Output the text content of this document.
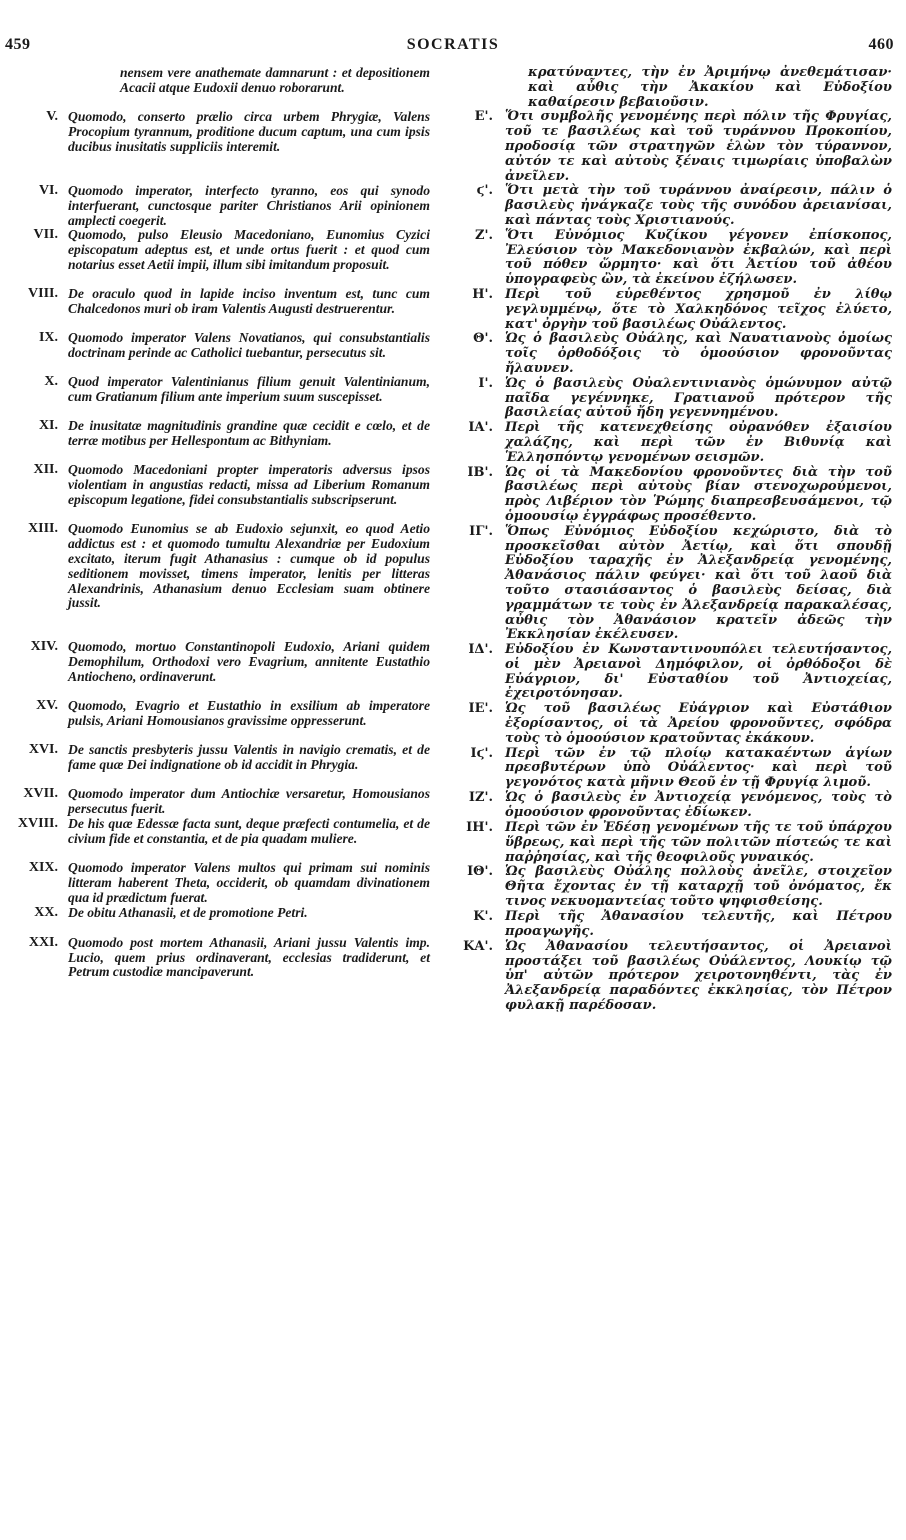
SOCRATIS
459	460
nensem vere anathemate damnarunt : et depositionem Acacii atque Eudoxii denuo roborarunt.
V. Quomodo, conserto prælio circa urbem Phrygiæ, Valens Procopium tyrannum, proditione ducum captum, una cum ipsis ducibus inusitatis suppliciis interemit.
VI. Quomodo imperator, interfecto tyranno, eos qui synodo interfuerant, cunctosque pariter Christianos Arii opinionem amplecti coegerit.
VII. Quomodo, pulso Eleusio Macedoniano, Eunomius Cyzici episcopatum adeptus est, et unde ortus fuerit : et quod cum notarius esset Aetii impii, illum sibi imitandum proposuit.
VIII. De oraculo quod in lapide inciso inventum est, tunc cum Chalcedonos muri ob iram Valentis Augusti destruerentur.
IX. Quomodo imperator Valens Novatianos, qui consubstantialis doctrinam perinde ac Catholici tuebantur, persecutus sit.
X. Quod imperator Valentinianus filium genuit Valentinianum, cum Gratianum filium ante imperium suum suscepisset.
XI. De inusitatæ magnitudinis grandine quæ cecidit e cœlo, et de terræ motibus per Hellespontum ac Bithyniam.
XII. Quomodo Macedoniani propter imperatoris adversus ipsos violentiam in angustias redacti, missa ad Liberium Romanum episcopum legatione, fidei consubstantialis subscripserunt.
XIII. Quomodo Eunomius se ab Eudoxio sejunxit, eo quod Aetio addictus est : et quomodo tumultu Alexandriæ per Eudoxium excitato, iterum fugit Athanasius : cumque ob id populus seditionem movisset, timens imperator, lenitis per litteras Alexandrinis, Athanasium denuo Ecclesiam suam obtinere jussit.
XIV. Quomodo, mortuo Constantinopoli Eudoxio, Ariani quidem Demophilum, Orthodoxi vero Evagrium, annitente Eustathio Antiocheno, ordinaverunt.
XV. Quomodo, Evagrio et Eustathio in exsilium ab imperatore pulsis, Ariani Homousianos gravissime oppresserunt.
XVI. De sanctis presbyteris jussu Valentis in navigio crematis, et de fame quæ Dei indignatione ob id accidit in Phrygia.
XVII. Quomodo imperator dum Antiochiæ versaretur, Homousianos persecutus fuerit.
XVIII. De his quæ Edessæ facta sunt, deque præfecti contumelia, et de civium fide et constantia, et de pia quadam muliere.
XIX. Quomodo imperator Valens multos qui primam sui nominis litteram haberent Theta, occiderit, ob quamdam divinationem qua id prædictum fuerat.
XX. De obitu Athanasii, et de promotione Petri.
XXI. Quomodo post mortem Athanasii, Ariani jussu Valentis imp. Lucio, quem prius ordinaverant, ecclesias tradiderunt, et Petrum custodiæ mancipaverunt.
κρατύναντες, τὴν ἐν Ἀριμήνῳ ἀνεθεμάτισαν· καὶ αὖθις τὴν Ἀκακίου καὶ Εὐδοξίου καθαίρεσιν βεβαιοῦσιν.
Ε'. Ὅτι συμβολῆς γενομένης περὶ πόλιν τῆς Φρυγίας, τοῦ τε βασιλέως καὶ τοῦ τυράννου Προκοπίου, προδοσίᾳ τῶν στρατηγῶν ἑλὼν τὸν τύραννον, αὐτόν τε καὶ αὐτοὺς ξέναις τιμωρίαις ὑποβαλὼν ἀνεῖλεν.
ϛ'. Ὅτι μετὰ τὴν τοῦ τυράννου ἀναίρεσιν, πάλιν ὁ βασιλεὺς ἠνάγκαζε τοὺς τῆς συνόδου ἀρειανίσαι, καὶ πάντας τοὺς Χριστιανούς.
Ζ'. Ὅτι Εὐνόμιος Κυζίκου γέγονεν ἐπίσκοπος, Ἐλεύσιον τὸν Μακεδονιανὸν ἐκβαλών, καὶ περὶ τοῦ πόθεν ὥρμητο· καὶ ὅτι Ἀετίου τοῦ ἀθέου ὑπογραφεὺς ὢν, τὰ ἐκείνου ἐζήλωσεν.
Η'. Περὶ τοῦ εὑρεθέντος χρησμοῦ ἐν λίθῳ γεγλυμμένῳ, ὅτε τὸ Χαλκηδόνος τεῖχος ἐλύετο, κατ' ὀργὴν τοῦ βασιλέως Οὐάλεντος.
Θ'. Ὡς ὁ βασιλεὺς Οὐάλης, καὶ Ναυατιανοὺς ὁμοίως τοῖς ὀρθοδόξοις τὸ ὁμοούσιον φρονοῦντας ἤλαυνεν.
Ι'. Ὡς ὁ βασιλεὺς Οὐαλεντινιανὸς ὁμώνυμον αὐτῷ παῖδα γεγέννηκε, Γρατιανοῦ πρότερον τῆς βασιλείας αὐτοῦ ἤδη γεγεννημένου.
ΙΑ'. Περὶ τῆς κατενεχθείσης οὐρανόθεν ἐξαισίου χαλάζης, καὶ περὶ τῶν ἐν Βιθυνίᾳ καὶ Ἑλλησπόντῳ γενομένων σεισμῶν.
ΙΒ'. Ὡς οἱ τὰ Μακεδονίου φρονοῦντες διὰ τὴν τοῦ βασιλέως περὶ αὐτοὺς βίαν στενοχωρούμενοι, πρὸς Λιβέριον τὸν Ῥώμης διαπρεσβευσάμενοι, τῷ ὁμοουσίῳ ἐγγράφως προσέθεντο.
ΙΓ'. Ὅπως Εὐνόμιος Εὐδοξίου κεχώριστο, διὰ τὸ προσκεῖσθαι αὐτὸν Ἀετίῳ, καὶ ὅτι σπουδῇ Εὐδοξίου ταραχῆς ἐν Ἀλεξανδρείᾳ γενομένης, Ἀθανάσιος πάλιν φεύγει· καὶ ὅτι τοῦ λαοῦ διὰ τοῦτο στασιάσαντος ὁ βασιλεὺς δείσας, διὰ γραμμάτων τε τοὺς ἐν Ἀλεξανδρείᾳ παρακαλέσας, αὖθις τὸν Ἀθανάσιον κρατεῖν ἀδεῶς τὴν Ἐκκλησίαν ἐκέλευσεν.
ΙΔ'. Εὐδοξίου ἐν Κωνσταντινουπόλει τελευτήσαντος, οἱ μὲν Ἀρειανοὶ Δημόφιλον, οἱ ὀρθόδοξοι δὲ Εὐάγριον, δι' Εὐσταθίου τοῦ Ἀντιοχείας, ἐχειροτόνησαν.
ΙΕ'. Ὡς τοῦ βασιλέως Εὐάγριον καὶ Εὐστάθιον ἐξορίσαντος, οἱ τὰ Ἀρείου φρονοῦντες, σφόδρα τοὺς τὸ ὁμοούσιον κρατοῦντας ἐκάκουν.
Ιϛ'. Περὶ τῶν ἐν τῷ πλοίῳ κατακαέντων ἁγίων πρεσβυτέρων ὑπὸ Οὐάλεντος· καὶ περὶ τοῦ γεγονότος κατὰ μῆνιν Θεοῦ ἐν τῇ Φρυγίᾳ λιμοῦ.
ΙΖ'. Ὡς ὁ βασιλεὺς ἐν Ἀντιοχείᾳ γενόμενος, τοὺς τὸ ὁμοούσιον φρονοῦντας ἐδίωκεν.
ΙΗ'. Περὶ τῶν ἐν Ἐδέσῃ γενομένων τῆς τε τοῦ ὑπάρχου ὕβρεως, καὶ περὶ τῆς τῶν πολιτῶν πίστεώς τε καὶ παῤῥησίας, καὶ τῆς θεοφιλοῦς γυναικός.
ΙΘ'. Ὡς βασιλεὺς Οὐάλης πολλοὺς ἀνεῖλε, στοιχεῖον Θῆτα ἔχοντας ἐν τῇ καταρχῇ τοῦ ὀνόματος, ἔκ τινος νεκυομαντείας τοῦτο ψηφισθείσης.
Κ'. Περὶ τῆς Ἀθανασίου τελευτῆς, καὶ Πέτρου προαγωγῆς.
ΚΑ'. Ὡς Ἀθανασίου τελευτήσαντος, οἱ Ἀρειανοὶ προστάξει τοῦ βασιλέως Οὐάλεντος, Λουκίῳ τῷ ὑπ' αὐτῶν πρότερον χειροτονηθέντι, τὰς ἐν Ἀλεξανδρείᾳ παραδόντες ἐκκλησίας, τὸν Πέτρον φυλακῇ παρέδοσαν.
